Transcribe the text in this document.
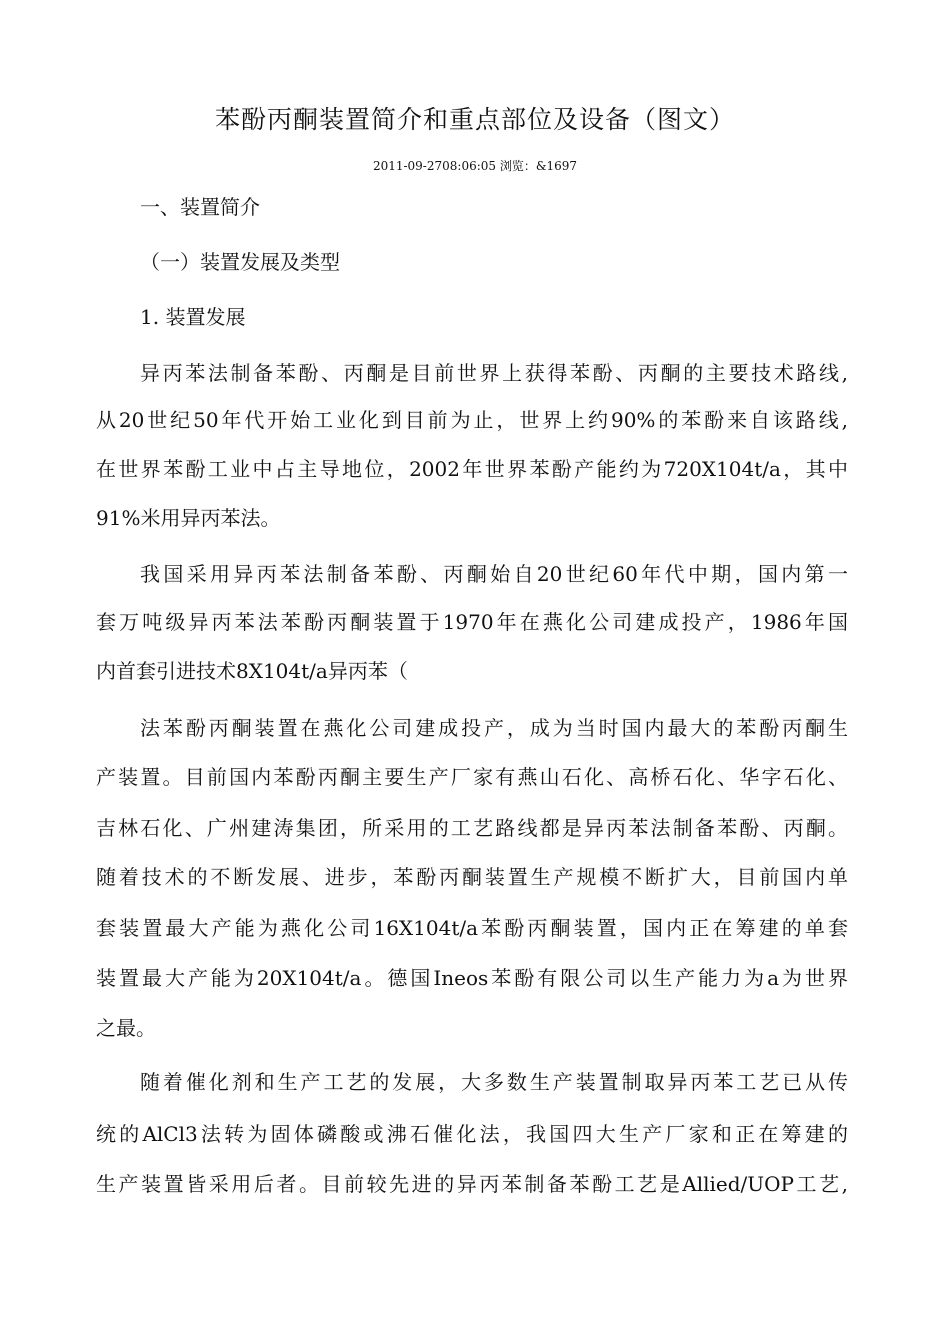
苯酚丙酮装置简介和重点部位及设备（图文）
2011-09-2708:06:05 浏览：&1697
一、装置简介
（一）装置发展及类型
1. 装置发展
异丙苯法制备苯酚、丙酮是目前世界上获得苯酚、丙酮的主要技术路线,
从20世纪50年代开始工业化到目前为止，世界上约90%的苯酚来自该路线,
在世界苯酚工业中占主导地位，2002年世界苯酚产能约为720X104t/a，其中
91%米用异丙苯法。
我国采用异丙苯法制备苯酚、丙酮始自20世纪60年代中期，国内第一
套万吨级异丙苯法苯酚丙酮装置于1970年在燕化公司建成投产，1986年国
内首套引进技术8X104t/a异丙苯（
法苯酚丙酮装置在燕化公司建成投产，成为当时国内最大的苯酚丙酮生
产装置。目前国内苯酚丙酮主要生产厂家有燕山石化、高桥石化、华字石化、
吉林石化、广州建涛集团，所采用的工艺路线都是异丙苯法制备苯酚、丙酮。
随着技术的不断发展、进步，苯酚丙酮装置生产规模不断扩大，目前国内单
套装置最大产能为燕化公司16X104t/a苯酚丙酮装置，国内正在筹建的单套
装置最大产能为20X104t/a。德国Ineos苯酚有限公司以生产能力为a为世界
之最。
随着催化剂和生产工艺的发展，大多数生产装置制取异丙苯工艺已从传
统的AlCl3法转为固体磷酸或沸石催化法，我国四大生产厂家和正在筹建的
生产装置皆采用后者。目前较先进的异丙苯制备苯酚工艺是Allied/UOP工艺,
